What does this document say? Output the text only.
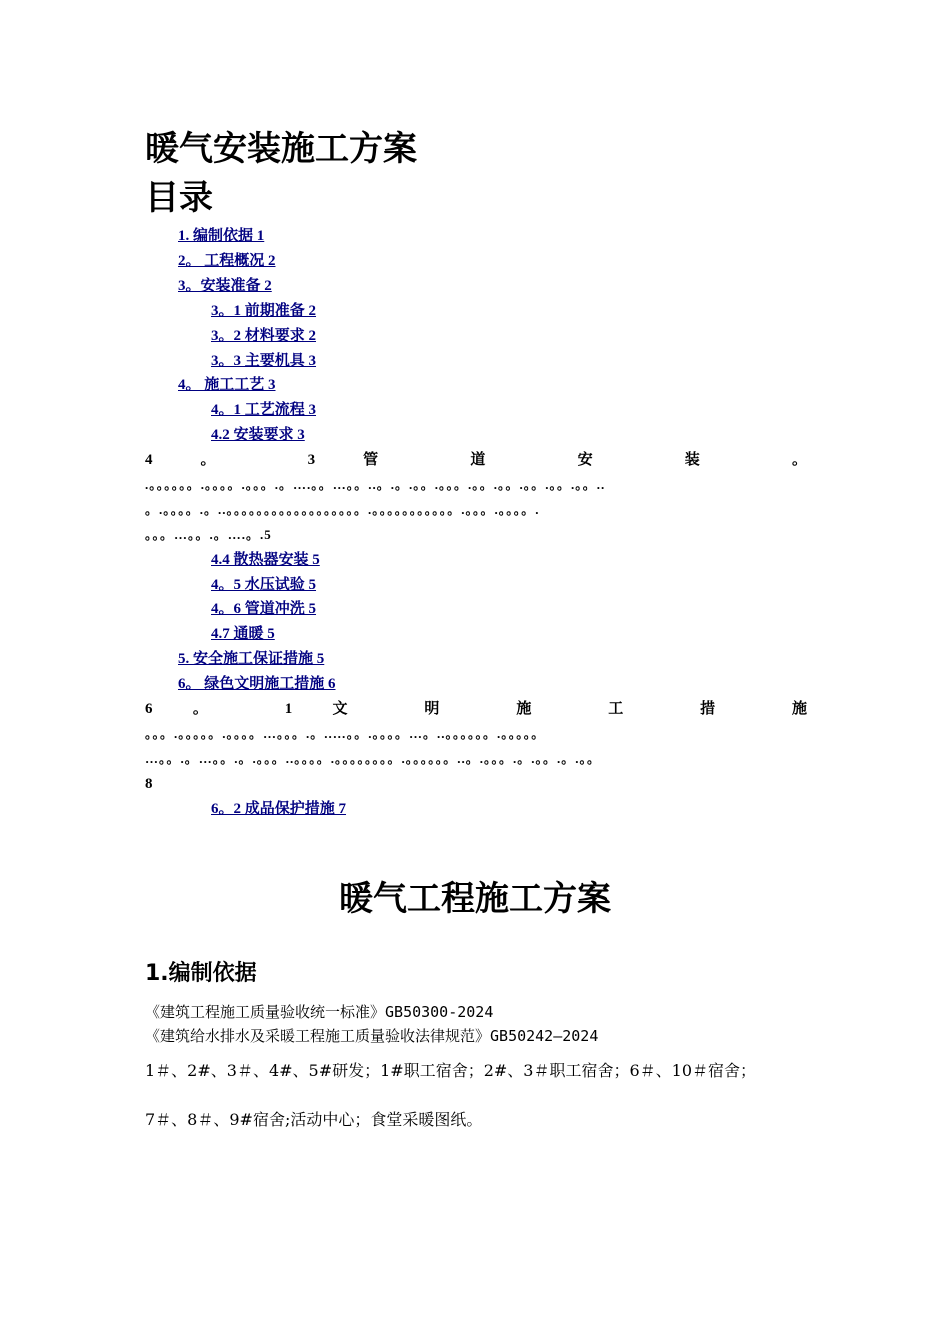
暖气安装施工方案
目录
1. 编制依据 1
2。 工程概况 2
3。安装准备 2
3。1 前期准备 2
3。2 材料要求 2
3。3 主要机具 3
4。 施工工艺 3
4。1 工艺流程 3
4.2 安装要求 3
4 。 3 管 道 安 装 。
.。。。。。。.。。。。.。。。.。….。。…。。..。.。.。。.。。。.。。.。。.。。.。。.。。..
。.。。。。.。..。。。。。。。。。。。。。。。。。。.。。。。。。。。。。。.。。。.。。。。.
。。。…。。.。….。.5
4.4 散热器安装 5
4。5 水压试验 5
4。6 管道冲洗 5
4.7 通暖 5
5. 安全施工保证措施 5
6。 绿色文明施工措施 6
6 。 1 文 明 施 工 措 施
。。。.。。。。。.。。。。…。。。.。..…。。.。。。。…。..。。。。。。.。。。。。
…。。.。…。。.。.。。。..。。。。.。。。。。。。。.。。。。。。..。.。。。.。.。。.。.。。
8
6。2 成品保护措施 7
暖气工程施工方案
1.编制依据
《建筑工程施工质量验收统一标准》GB50300-2024
《建筑给水排水及采暖工程施工质量验收法律规范》GB50242—2024
1＃、2#、3＃、4#、5#研发；1#职工宿舍；2#、3＃职工宿舍；6＃、10＃宿舍；
7＃、8＃、9#宿舍;活动中心；食堂采暖图纸。
